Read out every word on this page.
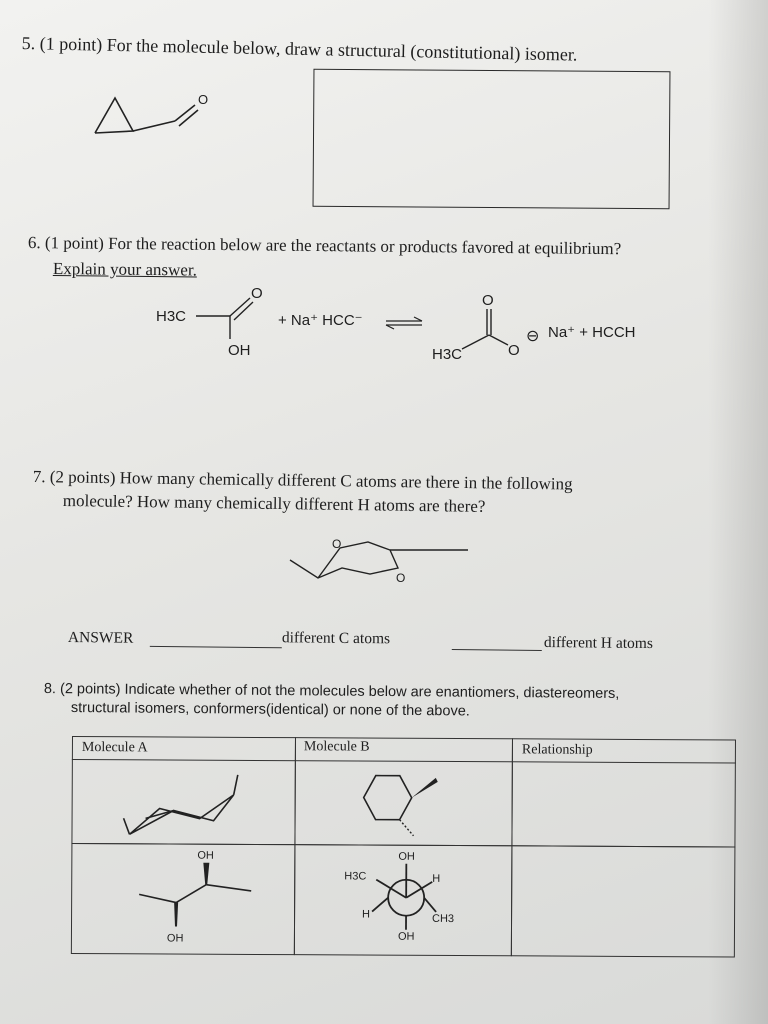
5. (1 point) For the molecule below, draw a structural (constitutional) isomer.
O
6. (1 point) For the reaction below are the reactants or products favored at equilibrium?
Explain your answer.
H3C
O
OH
+ Na⁺ HCC⁻
O
H3C	O
⊖ Na⁺ + HCCH
7. (2 points) How many chemically different C atoms are there in the following
molecule? How many chemically different H atoms are there?
O
O
ANSWER	different C atoms	different H atoms
8. (2 points) Indicate whether of not the molecules below are enantiomers, diastereomers,
structural isomers, conformers(identical) or none of the above.
Molecule A	Molecule B	Relationship
OH
OH
OH
H3C	H
H	CH3
OH
